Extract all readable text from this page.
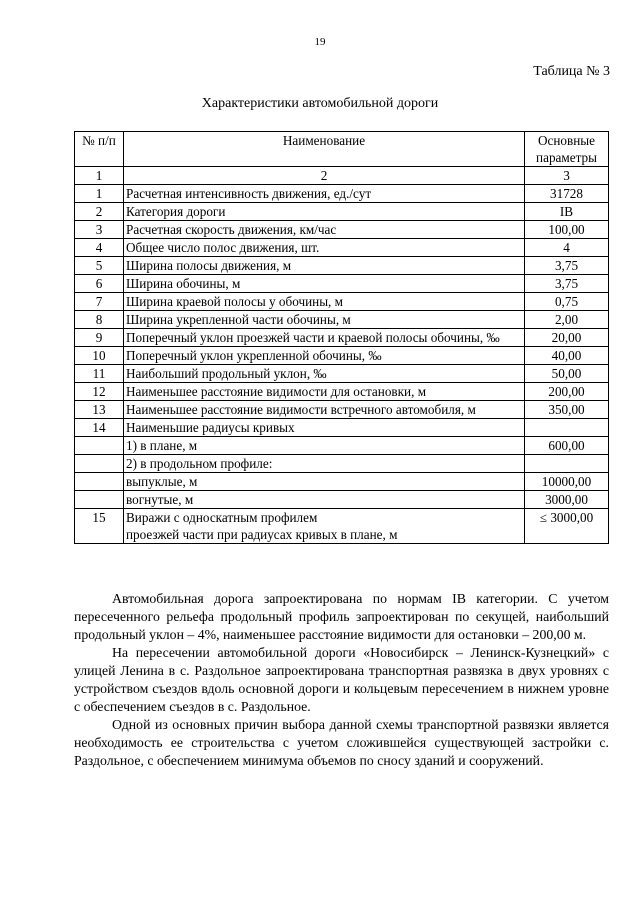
19
Таблица № 3
Характеристики автомобильной дороги
№ п/п	Наименование	Основные параметры
1	2	3
1	Расчетная интенсивность движения, ед./сут	31728
2	Категория дороги	IВ
3	Расчетная скорость движения, км/час	100,00
4	Общее число полос движения, шт.	4
5	Ширина полосы движения, м	3,75
6	Ширина обочины, м	3,75
7	Ширина краевой полосы у обочины, м	0,75
8	Ширина укрепленной части обочины, м	2,00
9	Поперечный уклон проезжей части и краевой полосы обочины, ‰	20,00
10	Поперечный уклон укрепленной обочины, ‰	40,00
11	Наибольший продольный уклон, ‰	50,00
12	Наименьшее расстояние видимости для остановки, м	200,00
13	Наименьшее расстояние видимости встречного автомобиля, м	350,00
14	Наименьшие радиусы кривых	
	1) в плане, м	600,00
	2) в продольном профиле:	
	выпуклые, м	10000,00
	вогнутые, м	3000,00
15	Виражи с односкатным профилем
проезжей части при радиусах кривых в плане, м	≤ 3000,00

Автомобильная дорога запроектирована по нормам IВ категории. С учетом пересеченного рельефа продольный профиль запроектирован по секущей, наибольший продольный уклон – 4%, наименьшее расстояние видимости для остановки – 200,00 м.

На пересечении автомобильной дороги «Новосибирск – Ленинск-Кузнецкий» с улицей Ленина в с. Раздольное запроектирована транспортная развязка в двух уровнях с устройством съездов вдоль основной дороги и кольцевым пересечением в нижнем уровне с обеспечением съездов в с. Раздольное.

Одной из основных причин выбора данной схемы транспортной развязки является необходимость ее строительства с учетом сложившейся существующей застройки с. Раздольное, с обеспечением минимума объемов по сносу зданий и сооружений.
